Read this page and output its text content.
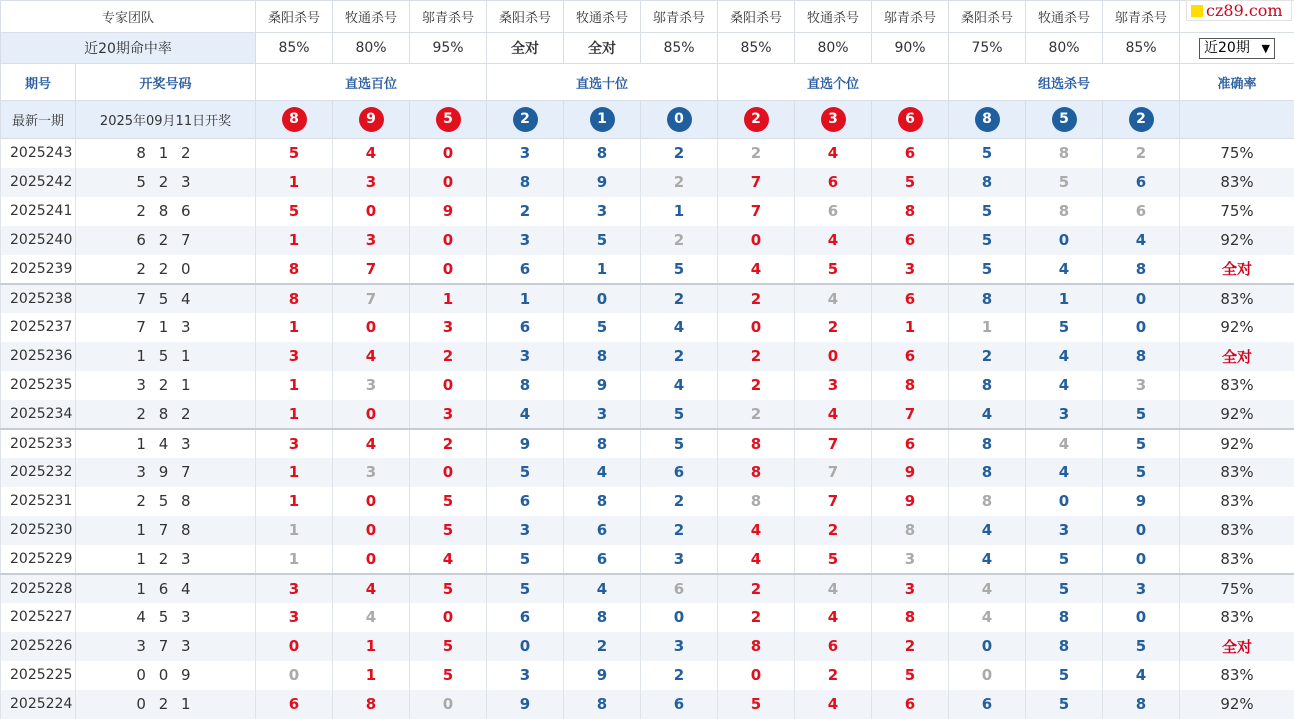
cz89.com
专家团队		桑阳杀号	牧通杀号	邬青杀号	桑阳杀号	牧通杀号	邬青杀号	桑阳杀号	牧通杀号	邬青杀号	桑阳杀号	牧通杀号	邬青杀号	
近20期命中率		85%	80%	95%	全对	全对	85%	85%	80%	90%	75%	80%	85%	近20期 ▼

期号	开奖号码	直选百位			直选十位			直选个位			组选杀号			准确率
最新一期	2025年09月11日开奖	8	9	5	2	1	0	2	3	6	8	5	2	
2025243	8 1 2	5	4	0	3	8	2	2	4	6	5	8	2	75%
2025242	5 2 3	1	3	0	8	9	2	7	6	5	8	5	6	83%
2025241	2 8 6	5	0	9	2	3	1	7	6	8	5	8	6	75%
2025240	6 2 7	1	3	0	3	5	2	0	4	6	5	0	4	92%
2025239	2 2 0	8	7	0	6	1	5	4	5	3	5	4	8	全对
2025238	7 5 4	8	7	1	1	0	2	2	4	6	8	1	0	83%
2025237	7 1 3	1	0	3	6	5	4	0	2	1	1	5	0	92%
2025236	1 5 1	3	4	2	3	8	2	2	0	6	2	4	8	全对
2025235	3 2 1	1	3	0	8	9	4	2	3	8	8	4	3	83%
2025234	2 8 2	1	0	3	4	3	5	2	4	7	4	3	5	92%
2025233	1 4 3	3	4	2	9	8	5	8	7	6	8	4	5	92%
2025232	3 9 7	1	3	0	5	4	6	8	7	9	8	4	5	83%
2025231	2 5 8	1	0	5	6	8	2	8	7	9	8	0	9	83%
2025230	1 7 8	1	0	5	3	6	2	4	2	8	4	3	0	83%
2025229	1 2 3	1	0	4	5	6	3	4	5	3	4	5	0	83%
2025228	1 6 4	3	4	5	5	4	6	2	4	3	4	5	3	75%
2025227	4 5 3	3	4	0	6	8	0	2	4	8	4	8	0	83%
2025226	3 7 3	0	1	5	0	2	3	8	6	2	0	8	5	全对
2025225	0 0 9	0	1	5	3	9	2	0	2	5	0	5	4	83%
2025224	0 2 1	6	8	0	9	8	6	5	4	6	6	5	8	92%
